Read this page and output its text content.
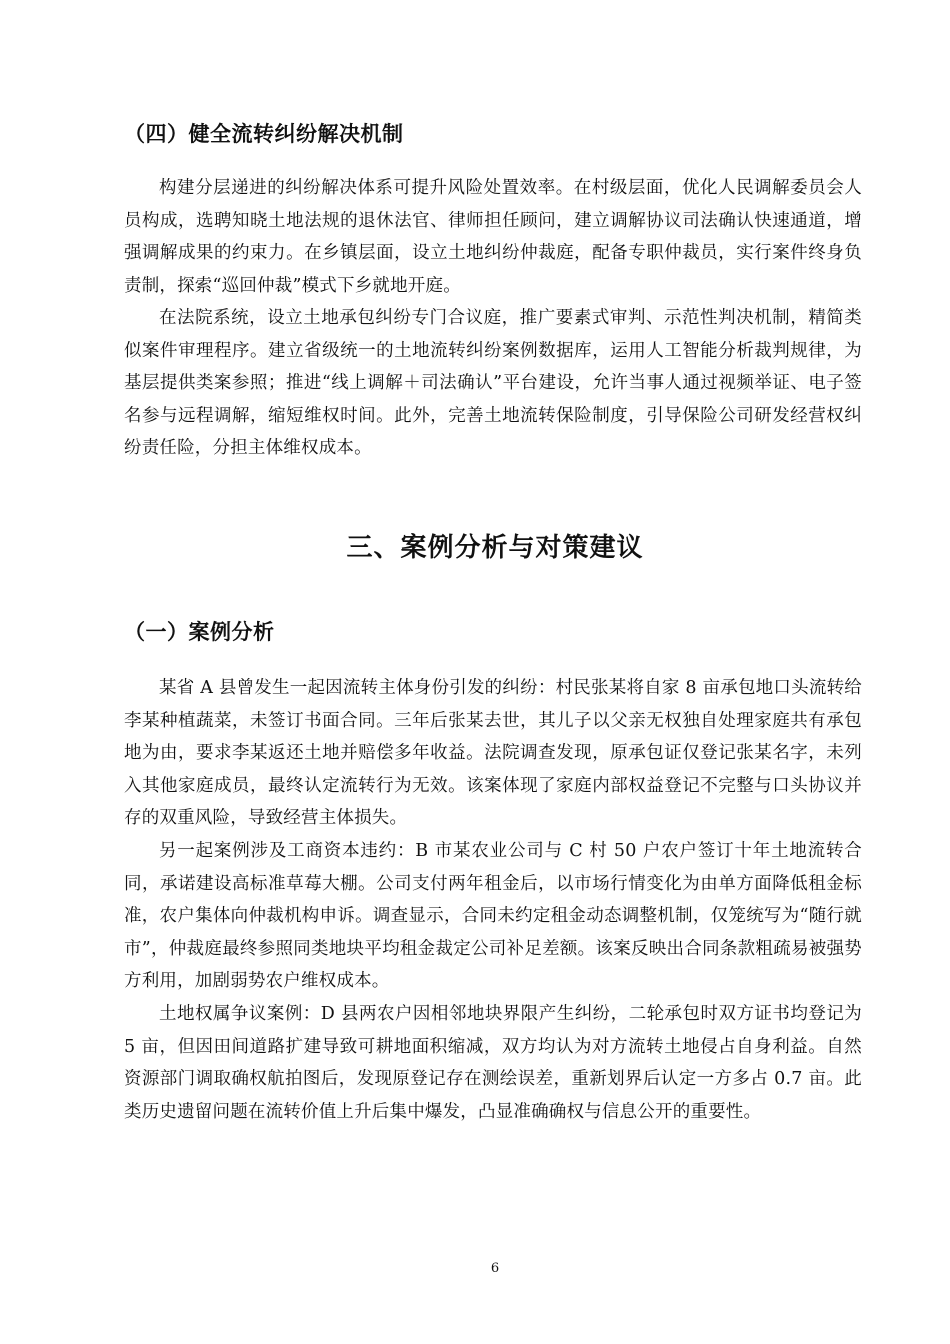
（四）健全流转纠纷解决机制

构建分层递进的纠纷解决体系可提升风险处置效率。在村级层面，优化人民调解委员会人员构成，选聘知晓土地法规的退休法官、律师担任顾问，建立调解协议司法确认快速通道，增强调解成果的约束力。在乡镇层面，设立土地纠纷仲裁庭，配备专职仲裁员，实行案件终身负责制，探索“巡回仲裁”模式下乡就地开庭。

在法院系统，设立土地承包纠纷专门合议庭，推广要素式审判、示范性判决机制，精简类似案件审理程序。建立省级统一的土地流转纠纷案例数据库，运用人工智能分析裁判规律，为基层提供类案参照；推进“线上调解＋司法确认”平台建设，允许当事人通过视频举证、电子签名参与远程调解，缩短维权时间。此外，完善土地流转保险制度，引导保险公司研发经营权纠纷责任险，分担主体维权成本。

三、案例分析与对策建议
（一）案例分析

某省 A 县曾发生一起因流转主体身份引发的纠纷：村民张某将自家 8 亩承包地口头流转给李某种植蔬菜，未签订书面合同。三年后张某去世，其儿子以父亲无权独自处理家庭共有承包地为由，要求李某返还土地并赔偿多年收益。法院调查发现，原承包证仅登记张某名字，未列入其他家庭成员，最终认定流转行为无效。该案体现了家庭内部权益登记不完整与口头协议并存的双重风险，导致经营主体损失。

另一起案例涉及工商资本违约：B 市某农业公司与 C 村 50 户农户签订十年土地流转合同，承诺建设高标准草莓大棚。公司支付两年租金后，以市场行情变化为由单方面降低租金标准，农户集体向仲裁机构申诉。调查显示，合同未约定租金动态调整机制，仅笼统写为“随行就市”，仲裁庭最终参照同类地块平均租金裁定公司补足差额。该案反映出合同条款粗疏易被强势方利用，加剧弱势农户维权成本。

土地权属争议案例：D 县两农户因相邻地块界限产生纠纷，二轮承包时双方证书均登记为 5 亩，但因田间道路扩建导致可耕地面积缩减，双方均认为对方流转土地侵占自身利益。自然资源部门调取确权航拍图后，发现原登记存在测绘误差，重新划界后认定一方多占 0.7 亩。此类历史遗留问题在流转价值上升后集中爆发，凸显准确确权与信息公开的重要性。

6
